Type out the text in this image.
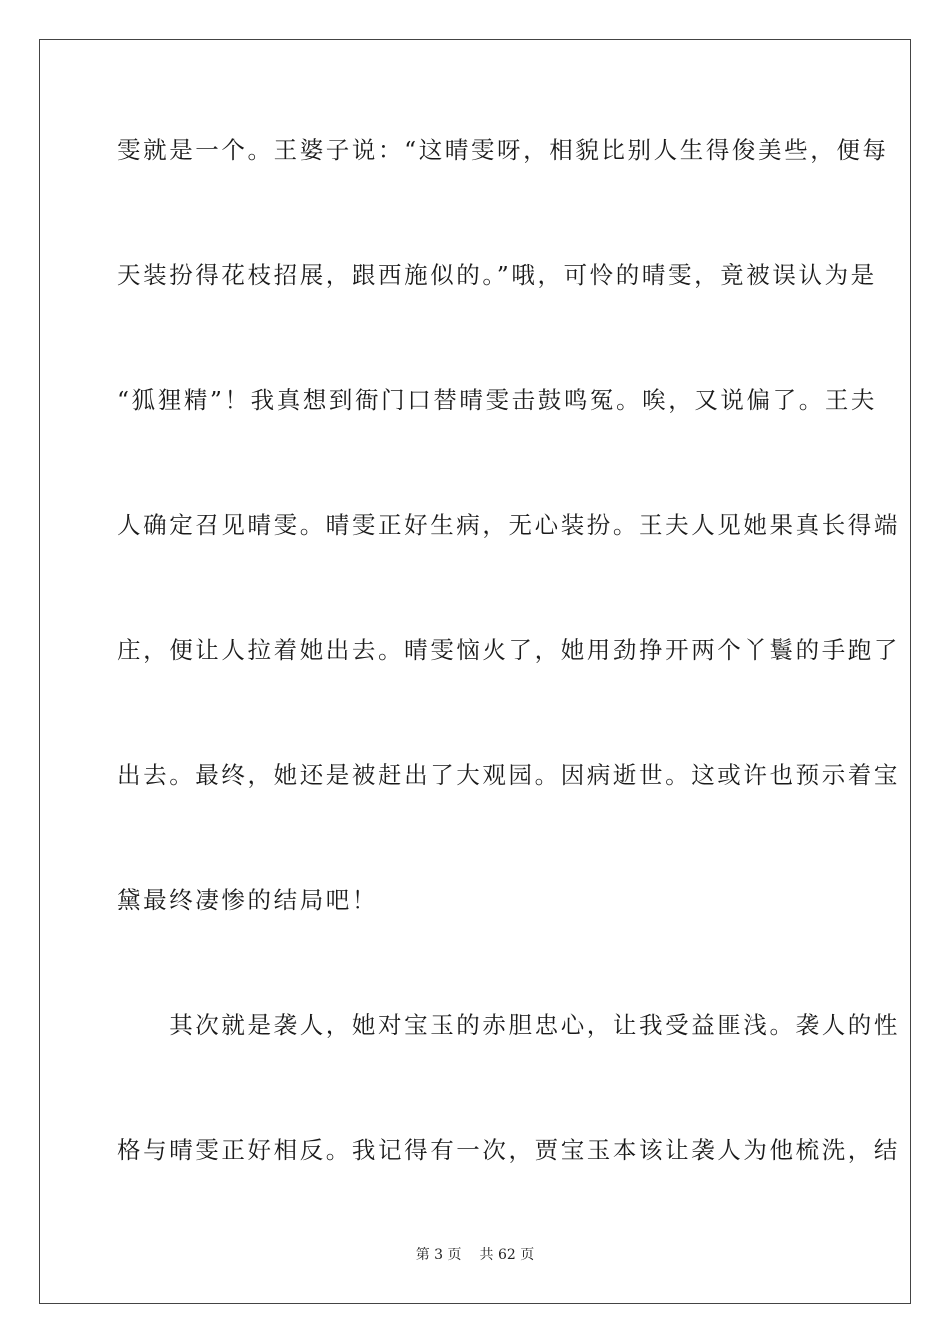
雯就是一个。王婆子说：“这晴雯呀，相貌比别人生得俊美些，便每
天装扮得花枝招展，跟西施似的。”哦，可怜的晴雯，竟被误认为是
“狐狸精”！我真想到衙门口替晴雯击鼓鸣冤。唉，又说偏了。王夫
人确定召见晴雯。晴雯正好生病，无心装扮。王夫人见她果真长得端
庄，便让人拉着她出去。晴雯恼火了，她用劲挣开两个丫鬟的手跑了
出去。最终，她还是被赶出了大观园。因病逝世。这或许也预示着宝
黛最终凄惨的结局吧！
　　其次就是袭人，她对宝玉的赤胆忠心，让我受益匪浅。袭人的性
格与晴雯正好相反。我记得有一次，贾宝玉本该让袭人为他梳洗，结
第 3 页 共 62 页
